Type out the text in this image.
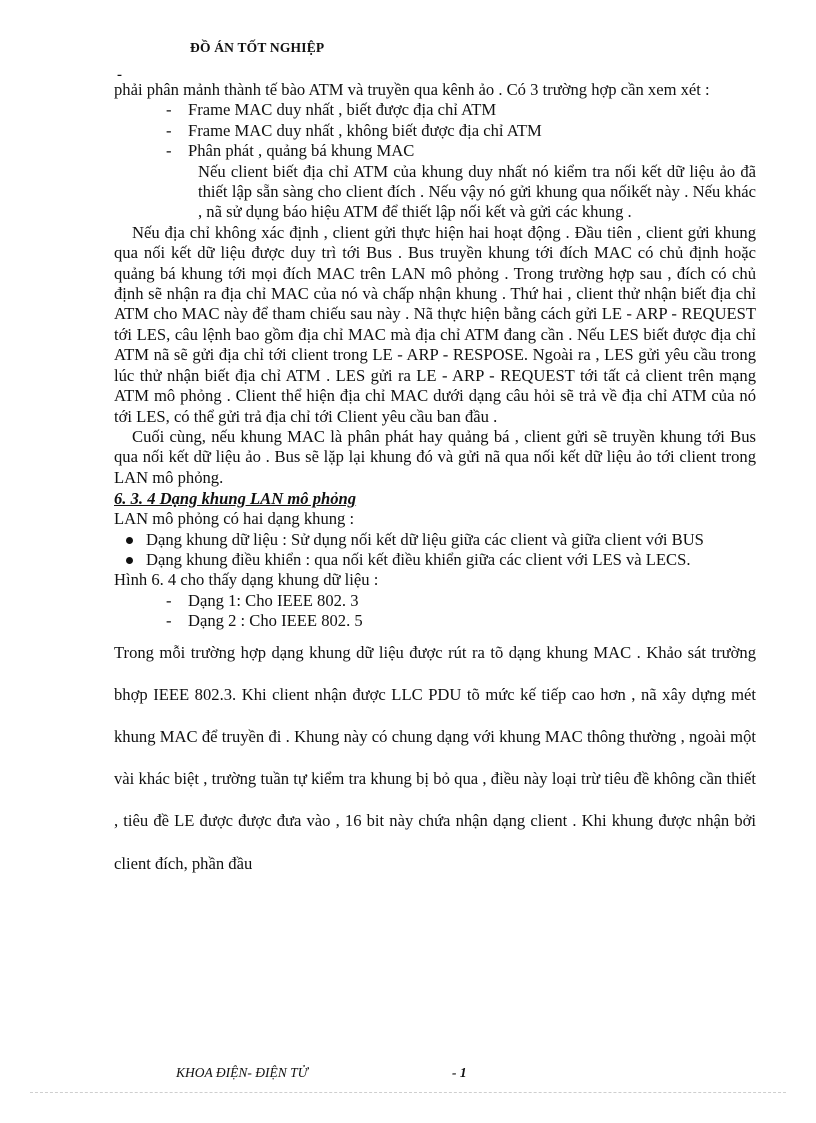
ĐỒ ÁN TỐT NGHIỆP
-

phải phân mảnh thành tế bào ATM và truyền qua kênh ảo . Có 3 trường hợp cần xem xét :

- Frame MAC duy nhất , biết được địa chỉ ATM
- Frame MAC duy nhất , không biết được địa chỉ ATM
- Phân phát , quảng bá khung MAC

Nếu client biết địa chỉ ATM của khung duy nhất nó kiểm tra nối kết dữ liệu ảo đã thiết lập sẵn sàng cho client đích . Nếu vậy nó gửi khung qua nốikết này . Nếu khác , nã sử dụng báo hiệu ATM để thiết lập nối kết và gửi các khung .

Nếu địa chỉ không xác định , client gửi thực hiện hai hoạt động . Đầu tiên , client gửi khung qua nối kết dữ liệu được duy trì tới Bus . Bus truyền khung tới đích MAC có chủ định hoặc quảng bá khung tới mọi đích MAC trên LAN mô phỏng . Trong trường hợp sau , đích có chủ định sẽ nhận ra địa chỉ MAC của nó và chấp nhận khung . Thứ hai , client thử nhận biết địa chỉ ATM cho MAC này để tham chiếu sau này . Nã thực hiện bằng cách gửi LE - ARP - REQUEST tới LES, câu lệnh bao gồm địa chỉ MAC mà địa chỉ ATM đang cần . Nếu LES biết được địa chỉ ATM nã sẽ gửi địa chỉ tới client trong LE - ARP - RESPOSE. Ngoài ra , LES gửi yêu cầu trong lúc thử nhận biết địa chỉ ATM . LES gửi ra LE - ARP - REQUEST tới tất cả client trên mạng ATM mô phỏng . Client thể hiện địa chỉ MAC dưới dạng câu hỏi sẽ trả về địa chỉ ATM của nó tới LES, có thể gửi trả địa chỉ tới Client yêu cầu ban đầu .

Cuối cùng, nếu khung MAC là phân phát hay quảng bá , client gửi sẽ truyền khung tới Bus qua nối kết dữ liệu ảo . Bus sẽ lặp lại khung đó và gửi nã qua nối kết dữ liệu ảo tới client trong LAN mô phỏng.

6. 3. 4 Dạng khung LAN mô phỏng

LAN mô phỏng có hai dạng khung :

Dạng khung dữ liệu : Sử dụng nối kết dữ liệu giữa các client và giữa client với BUS
Dạng khung điều khiển : qua nối kết điều khiển giữa các client với LES và LECS.

Hình 6. 4 cho thấy dạng khung dữ liệu :

- Dạng 1: Cho IEEE 802. 3
- Dạng 2 : Cho IEEE 802. 5

Trong mỗi trường hợp dạng khung dữ liệu được rút ra tõ dạng khung MAC . Khảo sát trường bhợp IEEE 802.3. Khi client nhận được LLC PDU tõ mức kế tiếp cao hơn , nã xây dựng mét khung MAC để truyền đi . Khung này có chung dạng với khung MAC thông thường , ngoài một vài khác biệt , trường tuần tự kiểm tra khung bị bỏ qua , điều này loại trừ tiêu đề không cần thiết , tiêu đề LE được được đưa vào , 16 bit này chứa nhận dạng client . Khi khung được nhận bởi client đích, phần đầu

KHOA ĐIỆN- ĐIỆN TỬ	- 1
